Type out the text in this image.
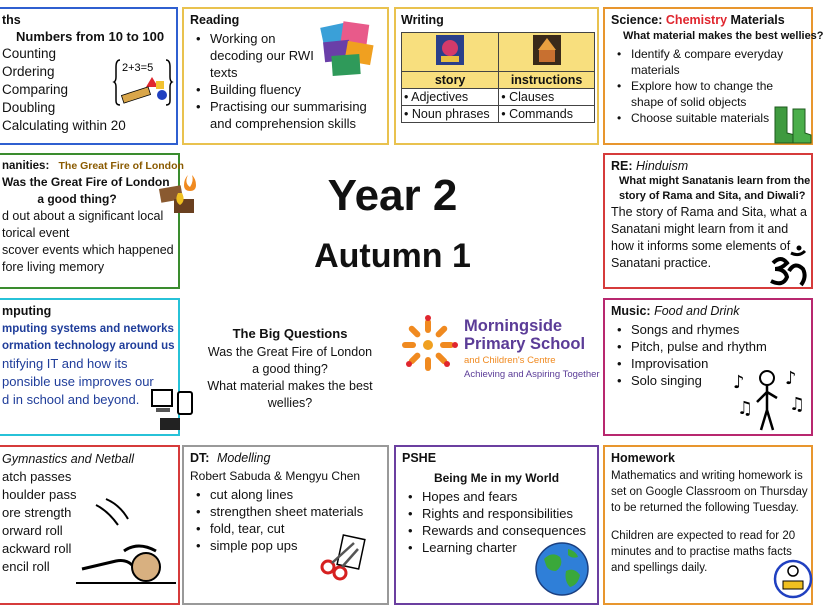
ths
Numbers from 10 to 100
Counting
Ordering
Comparing
Doubling
Calculating within 20
2+3=5
Reading
• Working on
decoding our RWI
texts
• Building fluency
• Practising our summarising
and comprehension skills
Writing

story	instructions
• Adjectives	• Clauses
• Noun phrases	• Commands
Science: Chemistry Materials
What material makes the best wellies?
• Identify & compare everyday
materials
• Explore how to change the
shape of solid objects
• Choose suitable materials
nanities: The Great Fire of London
Was the Great Fire of London
a good thing?
d out about a significant local
torical event
scover events which happened
fore living memory
RE: Hinduism
What might Sanatanis learn from the
story of Rama and Sita, and Diwali?
The story of Rama and Sita, what a
Sanatani might learn from it and
how it informs some elements of
Sanatani practice.
mputing
mputing systems and networks
ormation technology around us
ntifying IT and how its
ponsible use improves our
d in school and beyond.
Music: Food and Drink
• Songs and rhymes
• Pitch, pulse and rhythm
• Improvisation
• Solo singing	♪
♫
♪
♫
Gymnastics and Netball
atch passes
houlder pass
ore strength
orward roll
ackward roll
encil roll
DT: Modelling
Robert Sabuda & Mengyu Chen
• cut along lines
• strengthen sheet materials
• fold, tear, cut
• simple pop ups
PSHE
Being Me in my World
• Hopes and fears
• Rights and responsibilities
• Rewards and consequences
• Learning charter
Homework
Mathematics and writing homework is
set on Google Classroom on Thursday
to be returned the following Tuesday.
Children are expected to read for 20
minutes and to practise maths facts
and spellings daily.
Year 2
Autumn 1
The Big Questions
Was the Great Fire of London
a good thing?
What material makes the best
wellies?
Morningside
Primary School
and Children's Centre
Achieving and Aspiring Together
